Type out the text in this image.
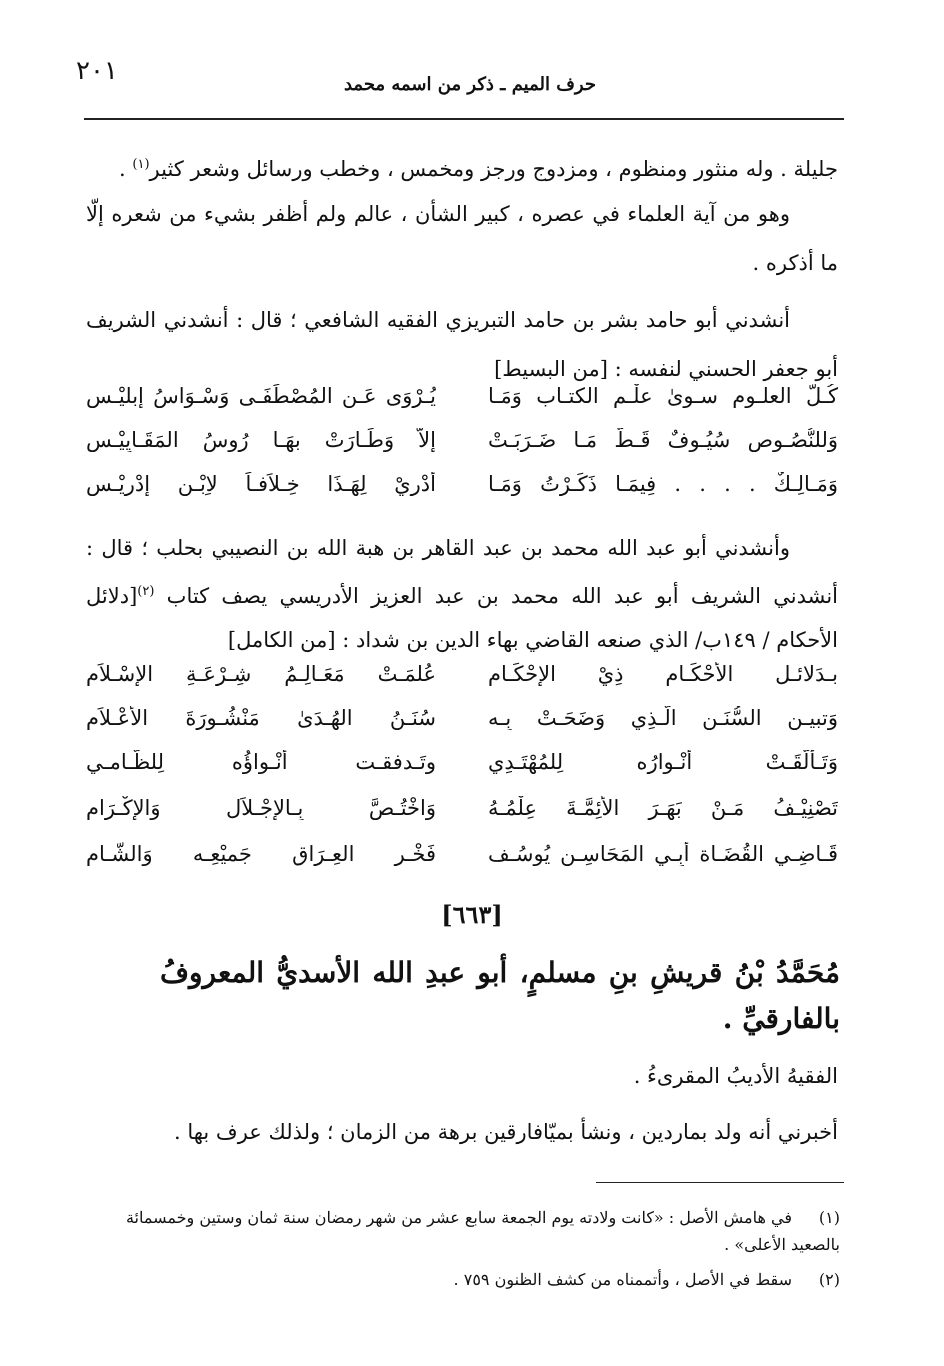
٢٠١	حرف الميم ـ ذكر من اسمه محمد
جليلة . وله منثور ومنظوم ، ومزدوج ورجز ومخمس ، وخطب ورسائل وشعر كثير$^{(١)}$ .
وهو من آية العلماء في عصره ، كبير الشأن ، عالم ولم أظفر بشيء من شعره إلّا ما أذكره .
أنشدني أبو حامد بشر بن حامد التبريزي الفقيه الشافعي ؛ قال : أنشدني الشريف أبو جعفر الحسني لنفسه : [من البسيط]
كُـلُّ العلـوم سـوىٰ علْـم الكتـاب وَمَـا
يُـرْوَى عَـن المُصْطَفَـى وَسْـوَاسُ إبليْـس
وَللنُّصُـوص سُيُـوفٌ قَـطُّ مَـا ضَـرَبَـتْ
إلاّ وَطَـارَتْ بهَـا رُوسُ المَقَـايِيْـس
وَمَـالِـكٌ . . . . فِيمَـا ذَكَـرْتُ وَمَـا
أَدْرِيْ لِهَـذَا خِـلاَفـاً لاِبْـنِ إدْرِيْـس
وأنشدني أبو عبد الله محمد بن عبد القاهر بن هبة الله بن النصيبي بحلب ؛ قال : أنشدني الشريف أبو عبد الله محمد بن عبد العزيز الأدريسي يصف كتاب $^{(٢)}$[دلائل الأحكام / ١٤٩ب/ الذي صنعه القاضي بهاء الدين بن شداد : [من الكامل]
بـدَلائـل الأَحْكَـام ذِيْ الإحْكَـام
عُلمَـتْ مَعَـالِـمُ شِـرْعَـةِ الإسْـلاَم
وَتبيـن السُّنَـن الَّـذِي وَضَحَـتْ بِـه
سُنَـنُ الهُـدَىٰ مَنْشُـورَةَ الأَعْـلاَم
وَتَـأَلَّقَـتْ أَنْـوارُه لِلمُهْتَـدِي
وتَـدفقـت أَنْـواؤُه لِلظَّـامـي
تَصْنِيْـفُ مَـنْ بَهَـرَ الأَئِمَّـةَ عِلْمُـهُ
وَاخْتُـصَّ بِـالإجْـلاَل وَالإكْـرَام
قَـاضِـي القُضَـاة أَبِـي المَحَاسِـن يُوسُـف
فَخْـرِ العِـرَاق جَميْعِـه وَالشَّـام
[٦٦٣]
مُحَمَّدُ بْنُ قريشِ بنِ مسلمٍ، أبو عبدِ الله الأسديُّ المعروفُ بالفارقيِّ .
الفقيهُ الأديبُ المقرىءُ .
أخبرني أنه ولد بماردين ، ونشأ بميّافارقين برهة من الزمان ؛ ولذلك عرف بها .
(١)في هامش الأصل : «كانت ولادته يوم الجمعة سابع عشر من شهر رمضان سنة ثمان وستين وخمسمائة بالصعيد الأعلى» .
(٢)سقط في الأصل ، وأتممناه من كشف الظنون ٧٥٩ .
